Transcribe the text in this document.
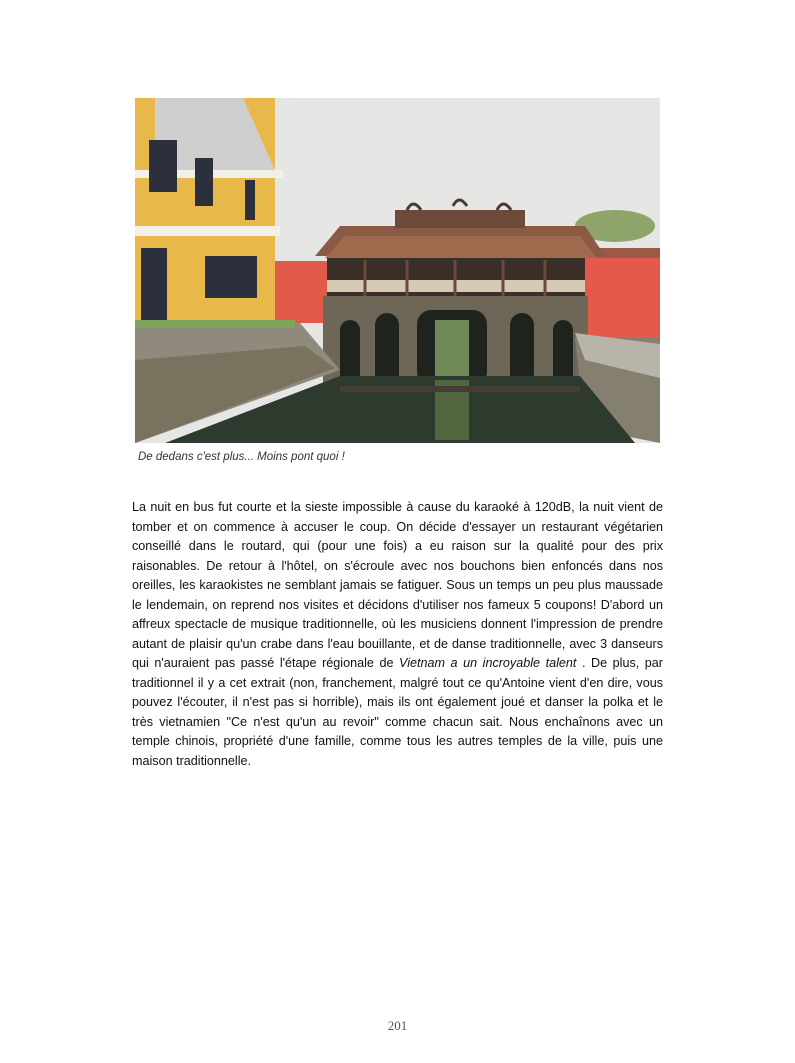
De dedans c'est plus... Moins pont quoi !

La nuit en bus fut courte et la sieste impossible à cause du karaoké à 120dB, la nuit vient de tomber et on commence à accuser le coup. On décide d'essayer un restaurant végétarien conseillé dans le routard, qui (pour une fois) a eu raison sur la qualité pour des prix raisonables. De retour à l'hôtel, on s'écroule avec nos bouchons bien enfoncés dans nos oreilles, les karaokistes ne semblant jamais se fatiguer. Sous un temps un peu plus maussade le lendemain, on reprend nos visites et décidons d'utiliser nos fameux 5 coupons! D'abord un affreux spectacle de musique traditionnelle, où les musiciens donnent l'impression de prendre autant de plaisir qu'un crabe dans l'eau bouillante, et de danse traditionnelle, avec 3 danseurs qui n'auraient pas passé l'étape régionale de Vietnam a un incroyable talent . De plus, par traditionnel il y a cet extrait (non, franchement, malgré tout ce qu'Antoine vient d'en dire, vous pouvez l'écouter, il n'est pas si horrible), mais ils ont également joué et danser la polka et le très vietnamien "Ce n'est qu'un au revoir" comme chacun sait. Nous enchaînons avec un temple chinois, propriété d'une famille, comme tous les autres temples de la ville, puis une maison traditionnelle.

201
